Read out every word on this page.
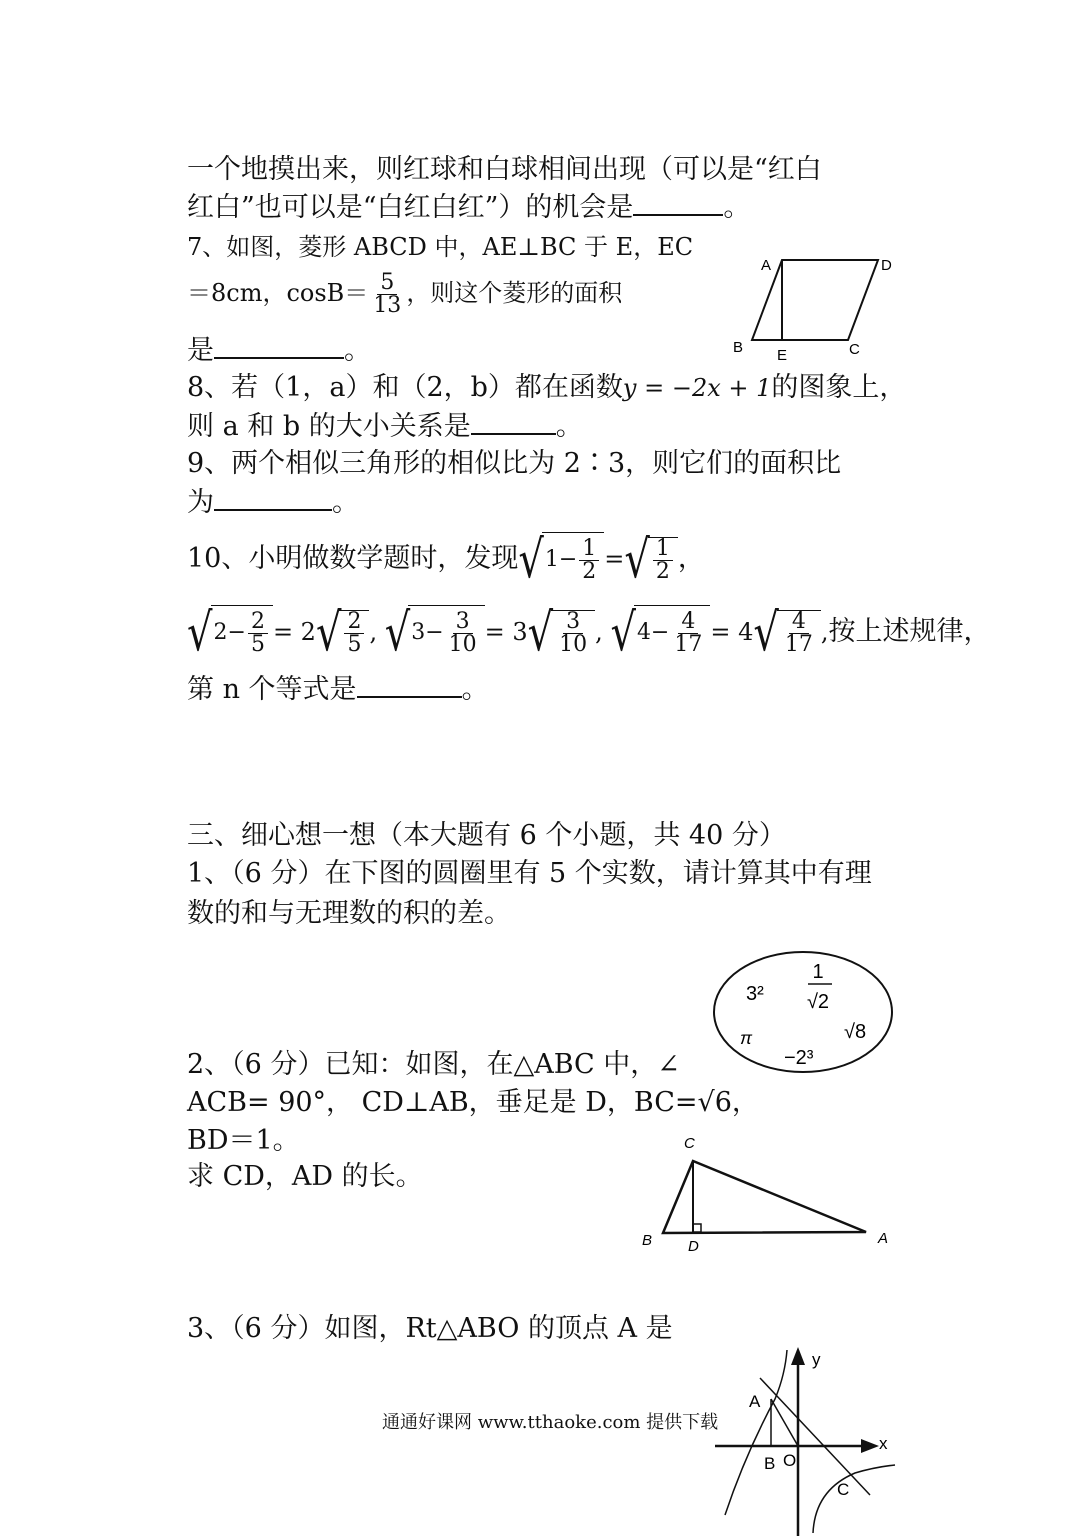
一个地摸出来，则红球和白球相间出现（可以是“红白
红白”也可以是“白红白红”）的机会是	。
7、如图，菱形 ABCD 中，AE⊥BC 于 E，EC
＝8cm，$\cos B= \frac{5}{13}$ ，则这个菱形的面积
是	。
A	D
B E	C
8、若（1，a）和（2，b）都在函数y = −2x + 1的图象上，
则 a 和 b 的大小关系是	。
9、两个相似三角形的相似比为 2∶3，则它们的面积比
为	。
10、小明做数学题时，发现 √ $1- \frac{1}{2}$ = √ $\frac{1}{2}$ ，
√ $2- \frac{2}{5} = 2$ √ $\frac{2}{5}$ , √ $3- \frac{3}{10} = 3$ √ $\frac{3}{10}$ , √ $4- \frac{4}{17} = 4$ √ $\frac{4}{17}$ ,按上述规律，
第 n 个等式是	。
三、细心想一想（本大题有 6 个小题，共 40 分）
1、（6 分）在下图的圆圈里有 5 个实数，请计算其中有理
数的和与无理数的积的差。
3²
1
√2
π	√8
−2³
2、（6 分）已知：如图，在△ABC 中，∠
ACB= 90°， CD⊥AB，垂足是 D，BC=√6，
BD＝1。
求 CD，AD 的长。
C
B D	A
3、（6 分）如图，Rt△ABO 的顶点 A 是
y
x
A
B O
C
通通好课网 www.tthaoke.com 提供下载
